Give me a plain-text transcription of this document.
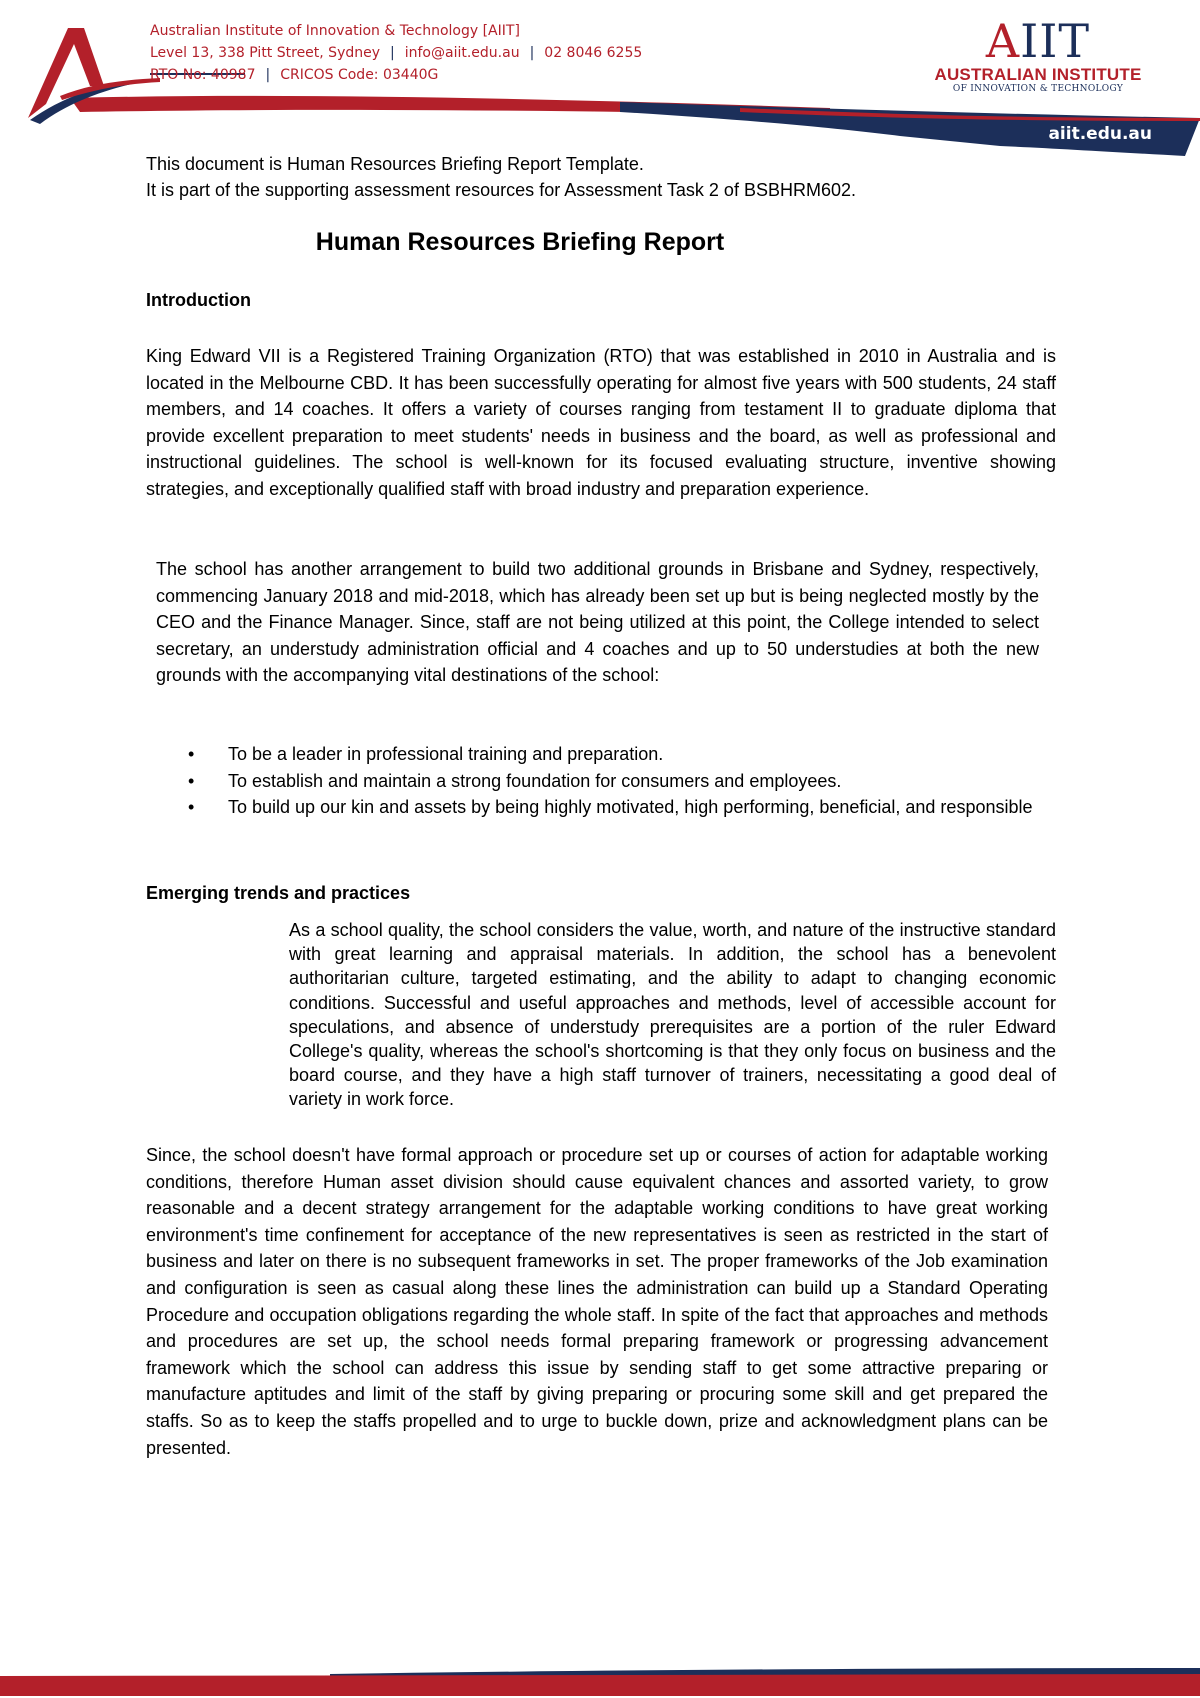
Australian Institute of Innovation & Technology [AIIT]
Level 13, 338 Pitt Street, Sydney | info@aiit.edu.au | 02 8046 6255
RTO No: 40987 | CRICOS Code: 03440G
AIIT
AUSTRALIAN INSTITUTE
OF INNOVATION & TECHNOLOGY
aiit.edu.au
This document is Human Resources Briefing Report Template.
It is part of the supporting assessment resources for Assessment Task 2 of BSBHRM602.
Human Resources Briefing Report
Introduction
King Edward VII is a Registered Training Organization (RTO) that was established in 2010 in Australia and is located in the Melbourne CBD. It has been successfully operating for almost five years with 500 students, 24 staff members, and 14 coaches. It offers a variety of courses ranging from testament II to graduate diploma that provide excellent preparation to meet students' needs in business and the board, as well as professional and instructional guidelines. The school is well-known for its focused evaluating structure, inventive showing strategies, and exceptionally qualified staff with broad industry and preparation experience.
The school has another arrangement to build two additional grounds in Brisbane and Sydney, respectively, commencing January 2018 and mid-2018, which has already been set up but is being neglected mostly by the CEO and the Finance Manager. Since, staff are not being utilized at this point, the College intended to select secretary, an understudy administration official and 4 coaches and up to 50 understudies at both the new grounds with the accompanying vital destinations of the school:
• To be a leader in professional training and preparation.
• To establish and maintain a strong foundation for consumers and employees.
• To build up our kin and assets by being highly motivated, high performing, beneficial, and responsible
Emerging trends and practices
As a school quality, the school considers the value, worth, and nature of the instructive standard with great learning and appraisal materials. In addition, the school has a benevolent authoritarian culture, targeted estimating, and the ability to adapt to changing economic conditions. Successful and useful approaches and methods, level of accessible account for speculations, and absence of understudy prerequisites are a portion of the ruler Edward College's quality, whereas the school's shortcoming is that they only focus on business and the board course, and they have a high staff turnover of trainers, necessitating a good deal of variety in work force.
Since, the school doesn't have formal approach or procedure set up or courses of action for adaptable working conditions, therefore Human asset division should cause equivalent chances and assorted variety, to grow reasonable and a decent strategy arrangement for the adaptable working conditions to have great working environment's time confinement for acceptance of the new representatives is seen as restricted in the start of business and later on there is no subsequent frameworks in set. The proper frameworks of the Job examination and configuration is seen as casual along these lines the administration can build up a Standard Operating Procedure and occupation obligations regarding the whole staff. In spite of the fact that approaches and methods and procedures are set up, the school needs formal preparing framework or progressing advancement framework which the school can address this issue by sending staff to get some attractive preparing or manufacture aptitudes and limit of the staff by giving preparing or procuring some skill and get prepared the staffs. So as to keep the staffs propelled and to urge to buckle down, prize and acknowledgment plans can be presented.
